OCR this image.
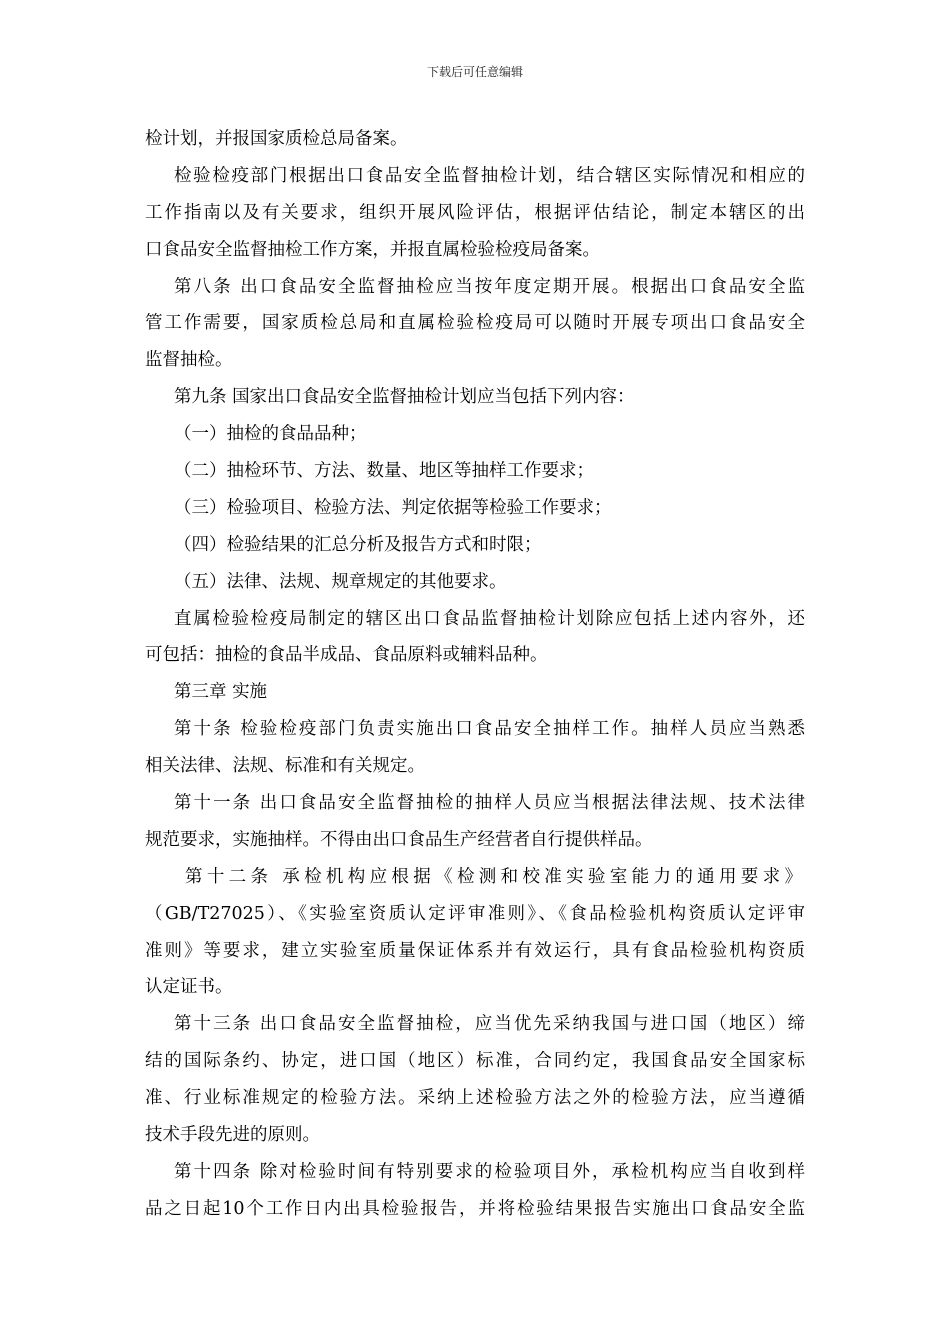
下载后可任意编辑
检计划，并报国家质检总局备案。
检验检疫部门根据出口食品安全监督抽检计划，结合辖区实际情况和相应的
工作指南以及有关要求，组织开展风险评估，根据评估结论，制定本辖区的出
口食品安全监督抽检工作方案，并报直属检验检疫局备案。
第八条 出口食品安全监督抽检应当按年度定期开展。根据出口食品安全监
管工作需要，国家质检总局和直属检验检疫局可以随时开展专项出口食品安全
监督抽检。
第九条 国家出口食品安全监督抽检计划应当包括下列内容：
（一）抽检的食品品种；
（二）抽检环节、方法、数量、地区等抽样工作要求；
（三）检验项目、检验方法、判定依据等检验工作要求；
（四）检验结果的汇总分析及报告方式和时限；
（五）法律、法规、规章规定的其他要求。
直属检验检疫局制定的辖区出口食品监督抽检计划除应包括上述内容外，还
可包括：抽检的食品半成品、食品原料或辅料品种。
第三章 实施
第十条 检验检疫部门负责实施出口食品安全抽样工作。抽样人员应当熟悉
相关法律、法规、标准和有关规定。
第十一条 出口食品安全监督抽检的抽样人员应当根据法律法规、技术法律
规范要求，实施抽样。不得由出口食品生产经营者自行提供样品。
第十二条 承检机构应根据《检测和校准实验室能力的通用要求》
（GB/T27025）、《实验室资质认定评审准则》、《食品检验机构资质认定评审
准则》等要求，建立实验室质量保证体系并有效运行，具有食品检验机构资质
认定证书。
第十三条 出口食品安全监督抽检，应当优先采纳我国与进口国（地区）缔
结的国际条约、协定，进口国（地区）标准，合同约定，我国食品安全国家标
准、行业标准规定的检验方法。采纳上述检验方法之外的检验方法，应当遵循
技术手段先进的原则。
第十四条 除对检验时间有特别要求的检验项目外，承检机构应当自收到样
品之日起10个工作日内出具检验报告，并将检验结果报告实施出口食品安全监
